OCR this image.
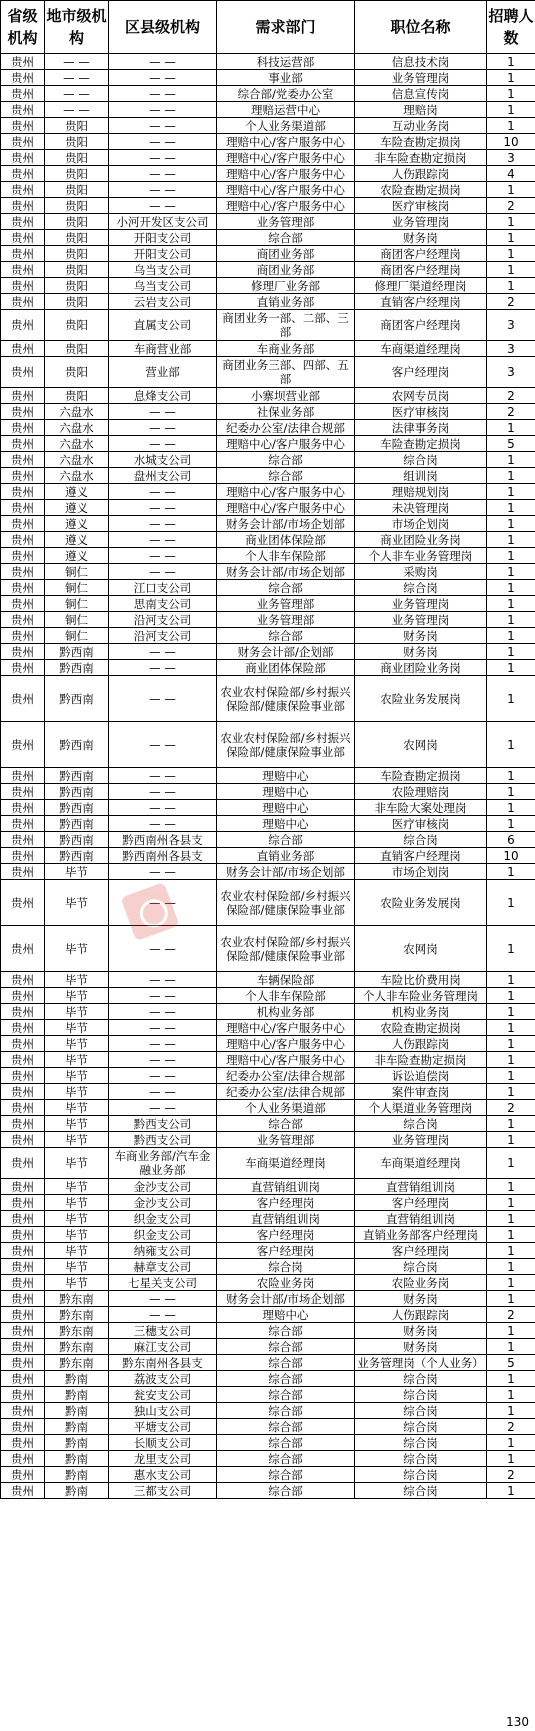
省级机构	地市级机构	区县级机构	需求部门	职位名称	招聘人数
贵州	— —	— —	科技运营部	信息技术岗	1
贵州	— —	— —	事业部	业务管理岗	1
贵州	— —	— —	综合部/党委办公室	信息宣传岗	1
贵州	— —	— —	理赔运营中心	理赔岗	1
贵州	贵阳	— —	个人业务渠道部	互动业务岗	1
贵州	贵阳	— —	理赔中心/客户服务中心	车险查勘定损岗	10
贵州	贵阳	— —	理赔中心/客户服务中心	非车险查勘定损岗	3
贵州	贵阳	— —	理赔中心/客户服务中心	人伤跟踪岗	4
贵州	贵阳	— —	理赔中心/客户服务中心	农险查勘定损岗	1
贵州	贵阳	— —	理赔中心/客户服务中心	医疗审核岗	2
贵州	贵阳	小河开发区支公司	业务管理部	业务管理岗	1
贵州	贵阳	开阳支公司	综合部	财务岗	1
贵州	贵阳	开阳支公司	商团业务部	商团客户经理岗	1
贵州	贵阳	乌当支公司	商团业务部	商团客户经理岗	1
贵州	贵阳	乌当支公司	修理厂业务部	修理厂渠道经理岗	1
贵州	贵阳	云岩支公司	直销业务部	直销客户经理岗	2
贵州	贵阳	直属支公司	商团业务一部、二部、三部	商团客户经理岗	3
贵州	贵阳	车商营业部	车商业务部	车商渠道经理岗	3
贵州	贵阳	营业部	商团业务三部、四部、五部	客户经理岗	3
贵州	贵阳	息烽支公司	小寨坝营业部	农网专员岗	2
贵州	六盘水	— —	社保业务部	医疗审核岗	2
贵州	六盘水	— —	纪委办公室/法律合规部	法律事务岗	1
贵州	六盘水	— —	理赔中心/客户服务中心	车险查勘定损岗	5
贵州	六盘水	水城支公司	综合部	综合岗	1
贵州	六盘水	盘州支公司	综合部	组训岗	1
贵州	遵义	— —	理赔中心/客户服务中心	理赔规划岗	1
贵州	遵义	— —	理赔中心/客户服务中心	未决管理岗	1
贵州	遵义	— —	财务会计部/市场企划部	市场企划岗	1
贵州	遵义	— —	商业团体保险部	商业团险业务岗	1
贵州	遵义	— —	个人非车保险部	个人非车业务管理岗	1
贵州	铜仁	— —	财务会计部/市场企划部	采购岗	1
贵州	铜仁	江口支公司	综合部	综合岗	1
贵州	铜仁	思南支公司	业务管理部	业务管理岗	1
贵州	铜仁	沿河支公司	业务管理部	业务管理岗	1
贵州	铜仁	沿河支公司	综合部	财务岗	1
贵州	黔西南	— —	财务会计部/企划部	财务岗	1
贵州	黔西南	— —	商业团体保险部	商业团险业务岗	1
贵州	黔西南	— —	农业农村保险部/乡村振兴保险部/健康保险事业部	农险业务发展岗	1
贵州	黔西南	— —	农业农村保险部/乡村振兴保险部/健康保险事业部	农网岗	1
贵州	黔西南	— —	理赔中心	车险查勘定损岗	1
贵州	黔西南	— —	理赔中心	农险理赔岗	1
贵州	黔西南	— —	理赔中心	非车险大案处理岗	1
贵州	黔西南	— —	理赔中心	医疗审核岗	1
贵州	黔西南	黔西南州各县支	综合部	综合岗	6
贵州	黔西南	黔西南州各县支	直销业务部	直销客户经理岗	10
贵州	毕节	— —	财务会计部/市场企划部	市场企划岗	1
贵州	毕节	— —	农业农村保险部/乡村振兴保险部/健康保险事业部	农险业务发展岗	1
贵州	毕节	— —	农业农村保险部/乡村振兴保险部/健康保险事业部	农网岗	1
贵州	毕节	— —	车辆保险部	车险比价费用岗	1
贵州	毕节	— —	个人非车保险部	个人非车险业务管理岗	1
贵州	毕节	— —	机构业务部	机构业务岗	1
贵州	毕节	— —	理赔中心/客户服务中心	农险查勘定损岗	1
贵州	毕节	— —	理赔中心/客户服务中心	人伤跟踪岗	1
贵州	毕节	— —	理赔中心/客户服务中心	非车险查勘定损岗	1
贵州	毕节	— —	纪委办公室/法律合规部	诉讼追偿岗	1
贵州	毕节	— —	纪委办公室/法律合规部	案件审查岗	1
贵州	毕节	— —	个人业务渠道部	个人渠道业务管理岗	2
贵州	毕节	黔西支公司	综合部	综合岗	1
贵州	毕节	黔西支公司	业务管理部	业务管理岗	1
贵州	毕节	车商业务部/汽车金融业务部	车商渠道经理岗	车商渠道经理岗	1
贵州	毕节	金沙支公司	直营销组训岗	直营销组训岗	1
贵州	毕节	金沙支公司	客户经理岗	客户经理岗	1
贵州	毕节	织金支公司	直营销组训岗	直营销组训岗	1
贵州	毕节	织金支公司	客户经理岗	直销业务部客户经理岗	1
贵州	毕节	纳雍支公司	客户经理岗	客户经理岗	1
贵州	毕节	赫章支公司	综合岗	综合岗	1
贵州	毕节	七星关支公司	农险业务岗	农险业务岗	1
贵州	黔东南	— —	财务会计部/市场企划部	财务岗	1
贵州	黔东南	— —	理赔中心	人伤跟踪岗	2
贵州	黔东南	三穗支公司	综合部	财务岗	1
贵州	黔东南	麻江支公司	综合部	财务岗	1
贵州	黔东南	黔东南州各县支	综合部	业务管理岗（个人业务）	5
贵州	黔南	荔波支公司	综合部	综合岗	1
贵州	黔南	瓮安支公司	综合部	综合岗	1
贵州	黔南	独山支公司	综合部	综合岗	1
贵州	黔南	平塘支公司	综合部	综合岗	2
贵州	黔南	长顺支公司	综合部	综合岗	1
贵州	黔南	龙里支公司	综合部	综合岗	1
贵州	黔南	惠水支公司	综合部	综合岗	2
贵州	黔南	三都支公司	综合部	综合岗	1
130
